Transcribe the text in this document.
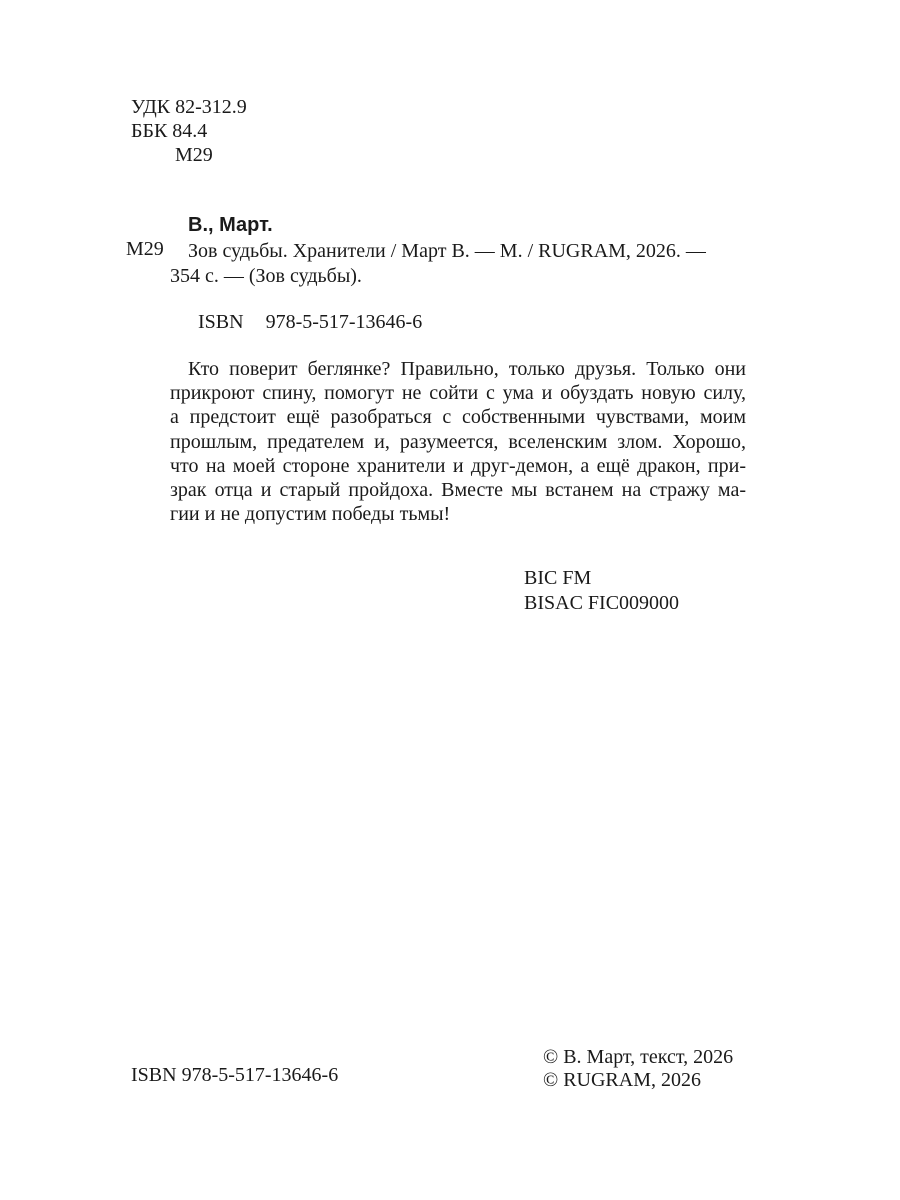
УДК 82-312.9
ББК 84.4
М29
В., Март.
М29	Зов судьбы. Хранители / Март В. — М. / RUGRAM, 2026. —
354 с. — (Зов судьбы).
ISBN 978-5-517-13646-6
Кто поверит беглянке? Правильно, только друзья. Только они
прикроют спину, помогут не сойти с ума и обуздать новую силу,
а предстоит ещё разобраться с собственными чувствами, моим
прошлым, предателем и, разумеется, вселенским злом. Хорошо,
что на моей стороне хранители и друг-демон, а ещё дракон, при-
зрак отца и старый пройдоха. Вместе мы встанем на стражу ма-
гии и не допустим победы тьмы!
BIC FM
BISAC FIC009000
ISBN 978-5-517-13646-6
© В. Март, текст, 2026
© RUGRAM, 2026
